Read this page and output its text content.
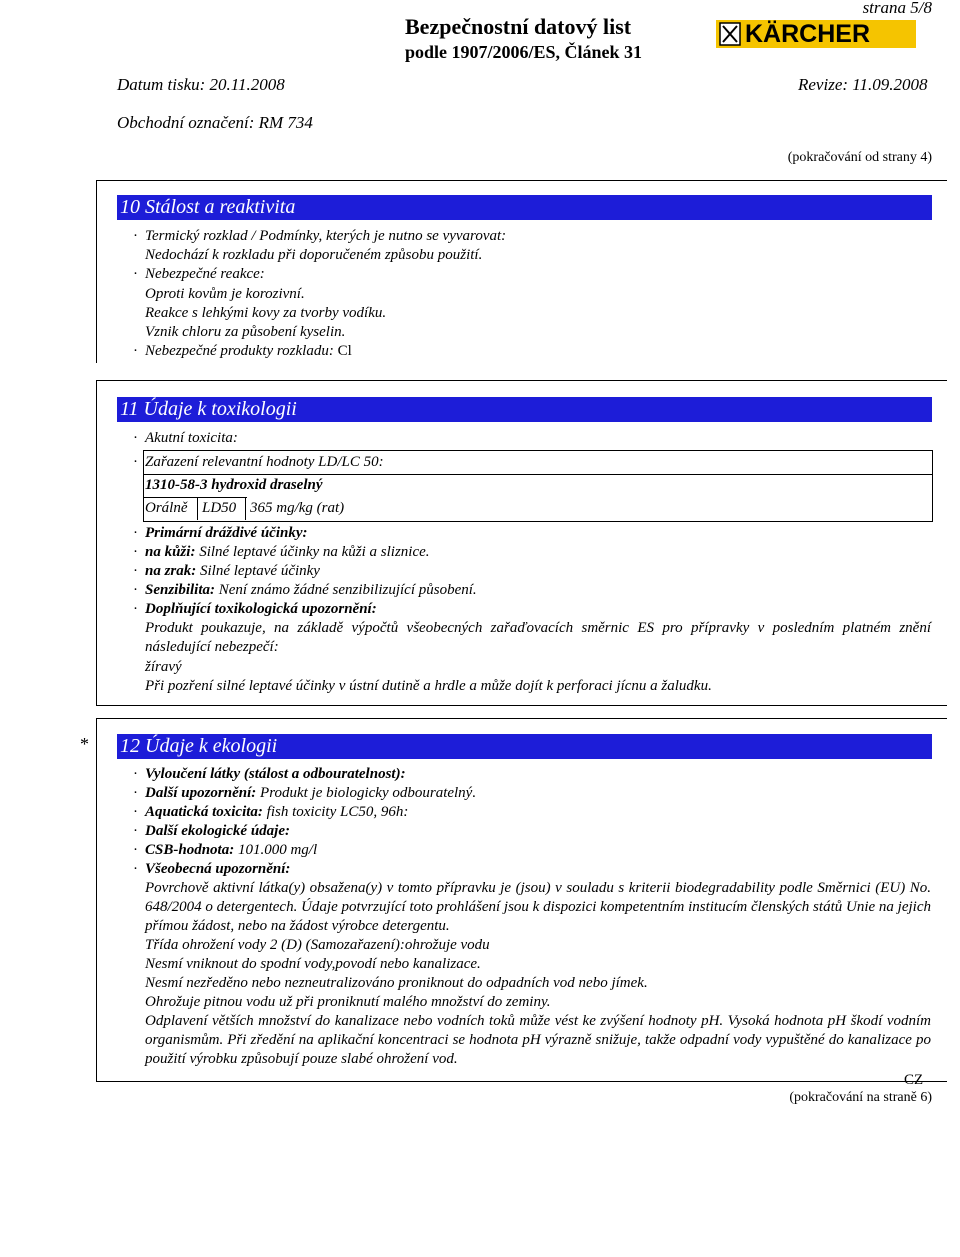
strana 5/8
Bezpečnostní datový list
podle 1907/2006/ES, Článek 31
KÄRCHER
Datum tisku: 20.11.2008	Revize: 11.09.2008
Obchodní označení: RM 734
(pokračování od strany 4)
10 Stálost a reaktivita
· Termický rozklad / Podmínky, kterých je nutno se vyvarovat:
Nedochází k rozkladu při doporučeném způsobu použití.
· Nebezpečné reakce:
Oproti kovům je korozivní.
Reakce s lehkými kovy za tvorby vodíku.
Vznik chloru za působení kyselin.
· Nebezpečné produkty rozkladu: Cl
11 Údaje k toxikologii
· Akutní toxicita:
· Zařazení relevantní hodnoty LD/LC 50:
1310-58-3 hydroxid draselný
Orálně LD50 365 mg/kg (rat)
· Primární dráždivé účinky:
· na kůži: Silné leptavé účinky na kůži a sliznice.
· na zrak: Silné leptavé účinky
· Senzibilita: Není známo žádné senzibilizující působení.
· Doplňující toxikologická upozornění:
Produkt poukazuje, na základě výpočtů všeobecných zařaďovacích směrnic ES pro přípravky v posledním platném znění následující nebezpečí:
žíravý
Při pozření silné leptavé účinky v ústní dutině a hrdle a může dojít k perforaci jícnu a žaludku.
* 12 Údaje k ekologii
· Vyloučení látky (stálost a odbouratelnost):
· Další upozornění: Produkt je biologicky odbouratelný.
· Aquatická toxicita: fish toxicity LC50, 96h:
· Další ekologické údaje:
· CSB-hodnota: 101.000 mg/l
· Všeobecná upozornění:
Povrchově aktivní látka(y) obsažena(y) v tomto přípravku je (jsou) v souladu s kriterii biodegradability podle Směrnici (EU) No. 648/2004 o detergentech. Údaje potvrzující toto prohlášení jsou k dispozici kompetentním institucím členských států Unie na jejich přímou žádost, nebo na žádost výrobce detergentu.
Třída ohrožení vody 2 (D) (Samozařazení):ohrožuje vodu
Nesmí vniknout do spodní vody,povodí nebo kanalizace.
Nesmí nezředěno nebo nezneutralizováno proniknout do odpadních vod nebo jímek.
Ohrožuje pitnou vodu už při proniknutí malého množství do zeminy.
Odplavení větších množství do kanalizace nebo vodních toků může vést ke zvýšení hodnoty pH. Vysoká hodnota pH škodí vodním organismům. Při zředění na aplikační koncentraci se hodnota pH výrazně snižuje, takže odpadní vody vypuštěné do kanalizace po použití výrobku způsobují pouze slabé ohrožení vod.
CZ
(pokračování na straně 6)
